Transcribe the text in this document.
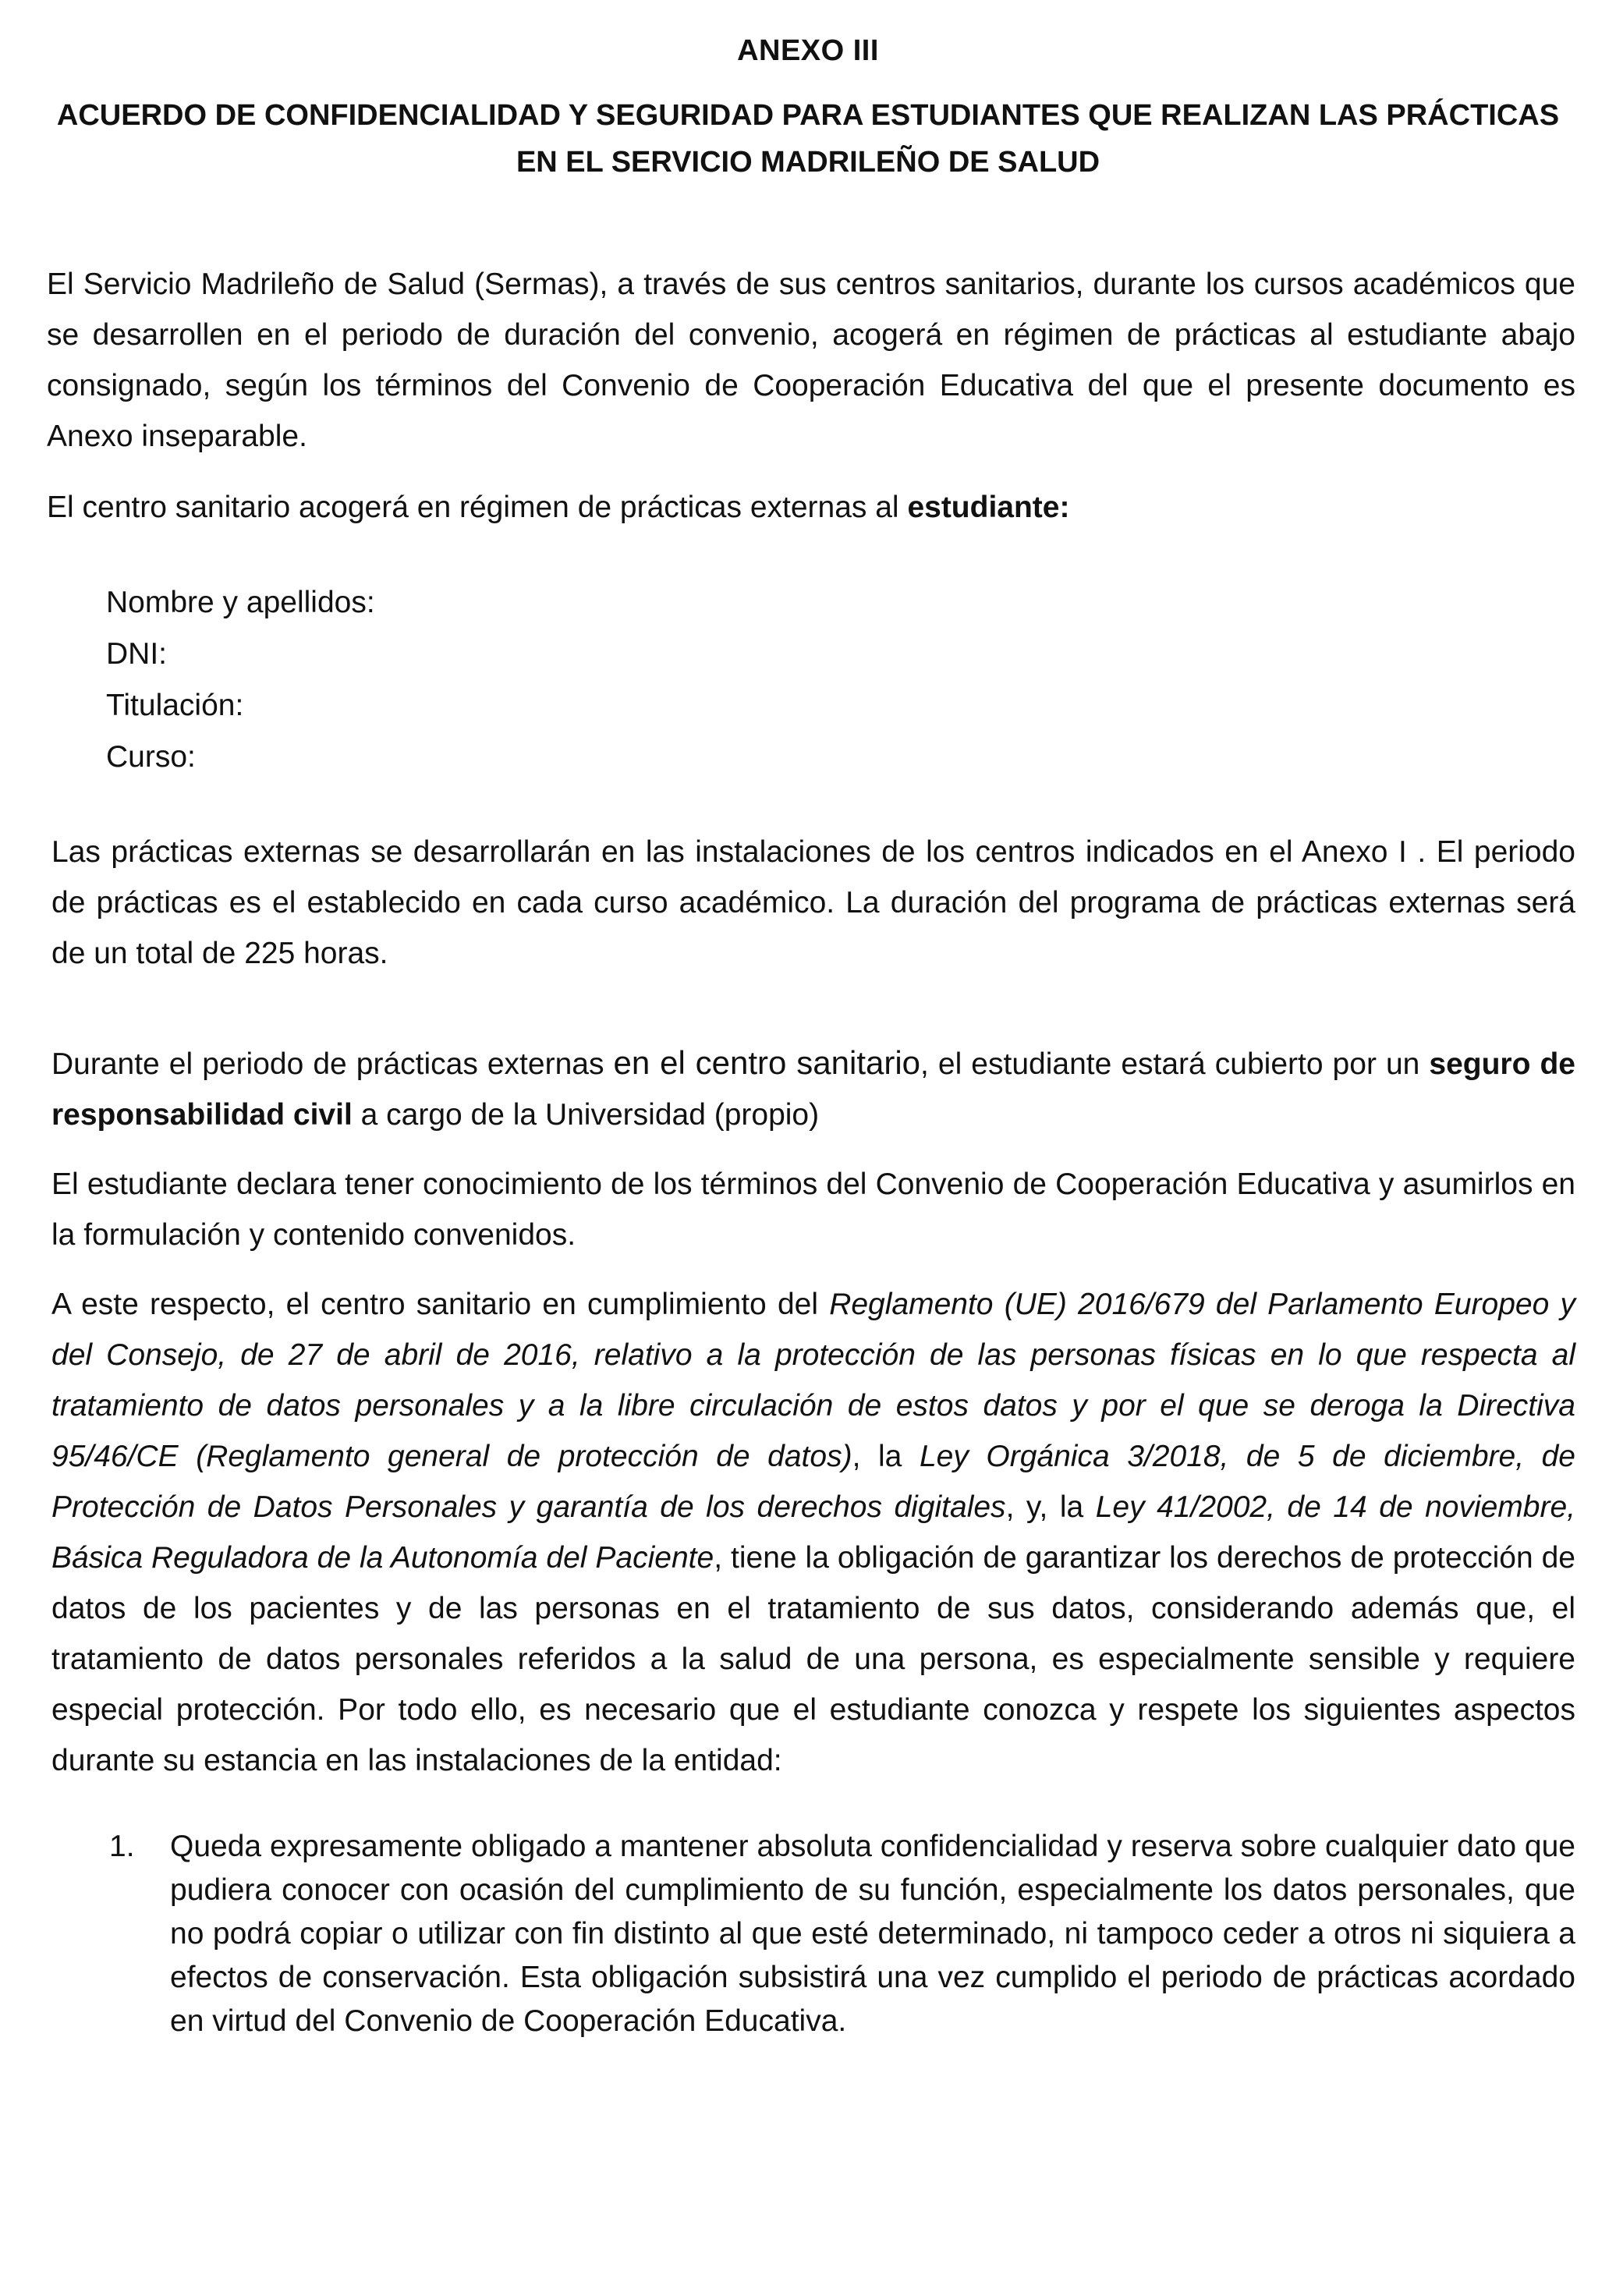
ANEXO III
ACUERDO DE CONFIDENCIALIDAD Y SEGURIDAD PARA ESTUDIANTES QUE REALIZAN LAS PRÁCTICAS
EN EL SERVICIO MADRILEÑO DE SALUD

El Servicio Madrileño de Salud (Sermas), a través de sus centros sanitarios, durante los cursos académicos que se desarrollen en el periodo de duración del convenio, acogerá en régimen de prácticas al estudiante abajo consignado, según los términos del Convenio de Cooperación Educativa del que el presente documento es Anexo inseparable.

El centro sanitario acogerá en régimen de prácticas externas al estudiante:

Nombre y apellidos:
DNI:
Titulación:
Curso:

Las prácticas externas se desarrollarán en las instalaciones de los centros indicados en el Anexo I . El periodo de prácticas es el establecido en cada curso académico. La duración del programa de prácticas externas será de un total de 225 horas.

Durante el periodo de prácticas externas en el centro sanitario, el estudiante estará cubierto por un seguro de responsabilidad civil a cargo de la Universidad (propio)

El estudiante declara tener conocimiento de los términos del Convenio de Cooperación Educativa y asumirlos en la formulación y contenido convenidos.

A este respecto, el centro sanitario en cumplimiento del Reglamento (UE) 2016/679 del Parlamento Europeo y del Consejo, de 27 de abril de 2016, relativo a la protección de las personas físicas en lo que respecta al tratamiento de datos personales y a la libre circulación de estos datos y por el que se deroga la Directiva 95/46/CE (Reglamento general de protección de datos), la Ley Orgánica 3/2018, de 5 de diciembre, de Protección de Datos Personales y garantía de los derechos digitales, y, la Ley 41/2002, de 14 de noviembre, Básica Reguladora de la Autonomía del Paciente, tiene la obligación de garantizar los derechos de protección de datos de los pacientes y de las personas en el tratamiento de sus datos, considerando además que, el tratamiento de datos personales referidos a la salud de una persona, es especialmente sensible y requiere especial protección. Por todo ello, es necesario que el estudiante conozca y respete los siguientes aspectos durante su estancia en las instalaciones de la entidad:

1. Queda expresamente obligado a mantener absoluta confidencialidad y reserva sobre cualquier dato que pudiera conocer con ocasión del cumplimiento de su función, especialmente los datos personales, que no podrá copiar o utilizar con fin distinto al que esté determinado, ni tampoco ceder a otros ni siquiera a efectos de conservación. Esta obligación subsistirá una vez cumplido el periodo de prácticas acordado en virtud del Convenio de Cooperación Educativa.
